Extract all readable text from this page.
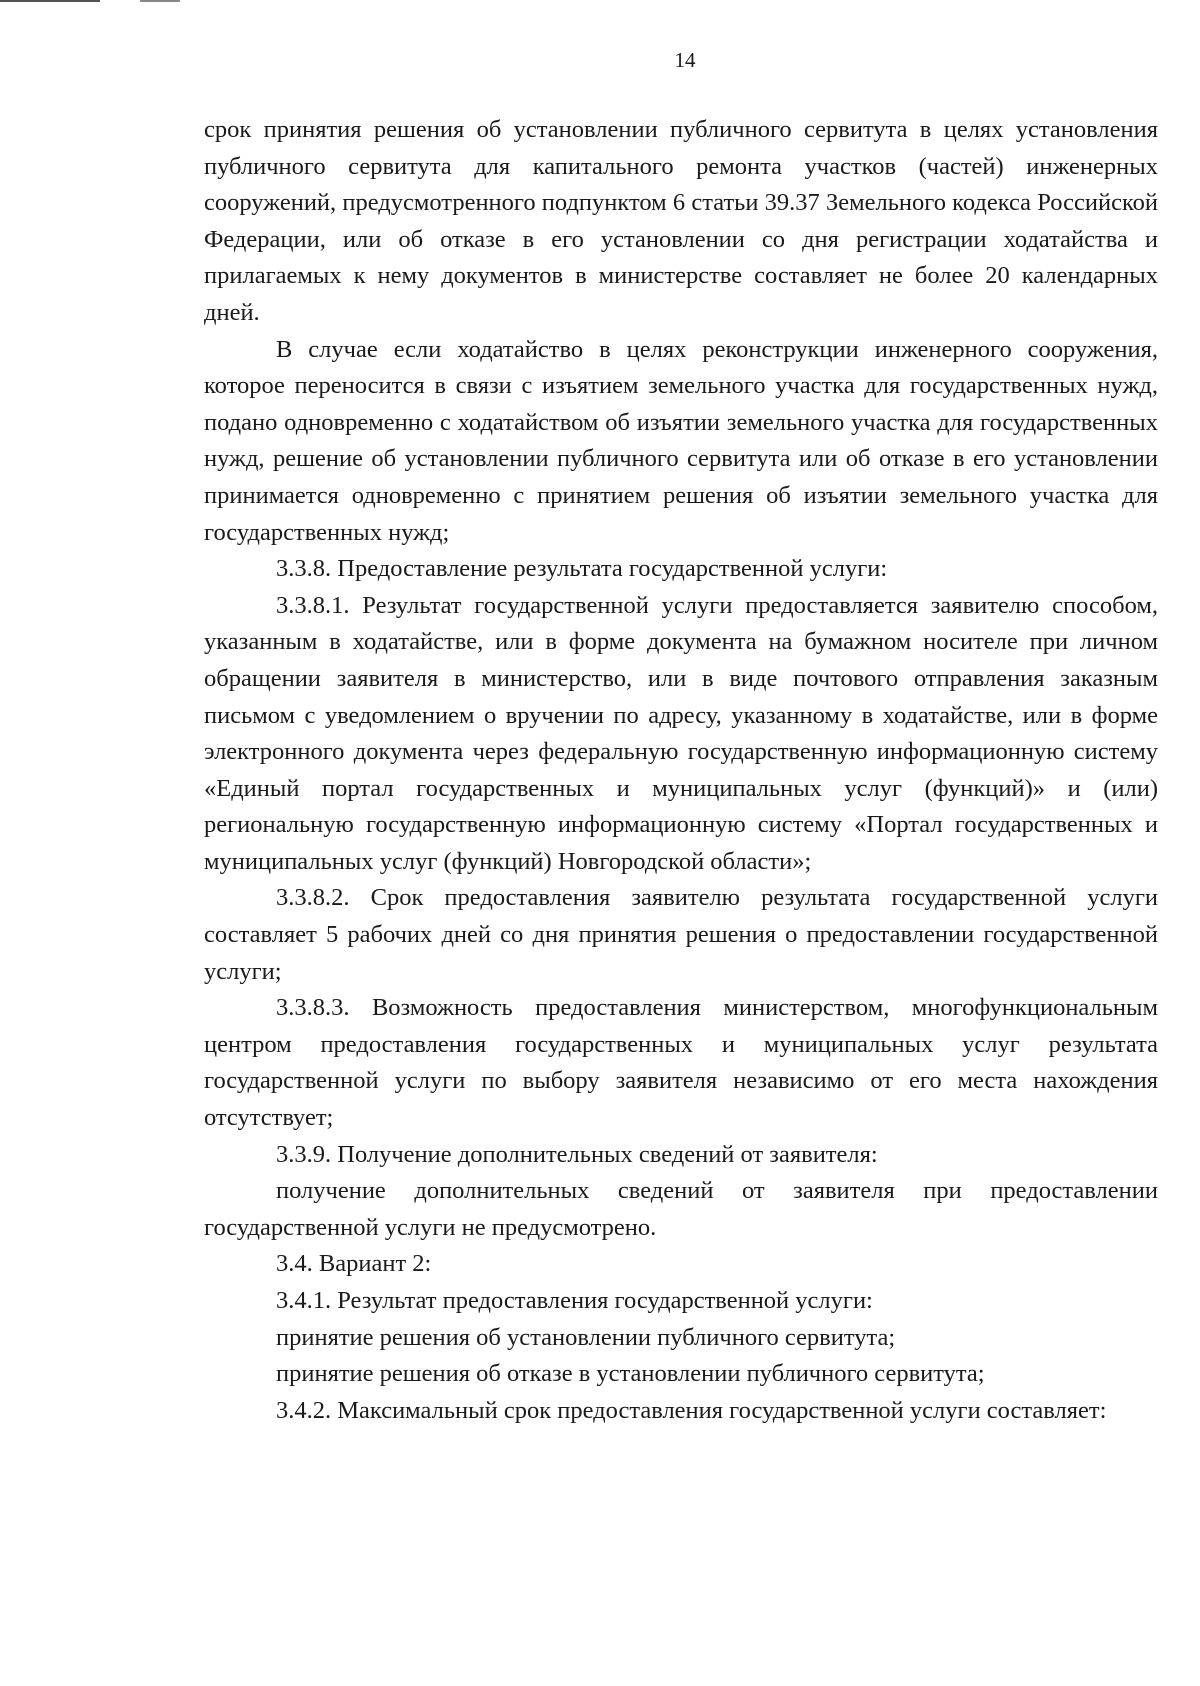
14

срок принятия решения об установлении публичного сервитута в целях установления публичного сервитута для капитального ремонта участков (частей) инженерных сооружений, предусмотренного подпунктом 6 статьи 39.37 Земельного кодекса Российской Федерации, или об отказе в его установлении со дня регистрации ходатайства и прилагаемых к нему документов в министерстве составляет не более 20 календарных дней.

В случае если ходатайство в целях реконструкции инженерного сооружения, которое переносится в связи с изъятием земельного участка для государственных нужд, подано одновременно с ходатайством об изъятии земельного участка для государственных нужд, решение об установлении публичного сервитута или об отказе в его установлении принимается одновременно с принятием решения об изъятии земельного участка для государственных нужд;

3.3.8. Предоставление результата государственной услуги:

3.3.8.1. Результат государственной услуги предоставляется заявителю способом, указанным в ходатайстве, или в форме документа на бумажном носителе при личном обращении заявителя в министерство, или в виде почтового отправления заказным письмом с уведомлением о вручении по адресу, указанному в ходатайстве, или в форме электронного документа через федеральную государственную информационную систему «Единый портал государственных и муниципальных услуг (функций)» и (или) региональную государственную информационную систему «Портал государственных и муниципальных услуг (функций) Новгородской области»;

3.3.8.2. Срок предоставления заявителю результата государственной услуги составляет 5 рабочих дней со дня принятия решения о предоставлении государственной услуги;

3.3.8.3. Возможность предоставления министерством, многофункциональным центром предоставления государственных и муниципальных услуг результата государственной услуги по выбору заявителя независимо от его места нахождения отсутствует;

3.3.9. Получение дополнительных сведений от заявителя:

получение дополнительных сведений от заявителя при предоставлении государственной услуги не предусмотрено.

3.4. Вариант 2:

3.4.1. Результат предоставления государственной услуги:

принятие решения об установлении публичного сервитута;

принятие решения об отказе в установлении публичного сервитута;

3.4.2. Максимальный срок предоставления государственной услуги составляет:
